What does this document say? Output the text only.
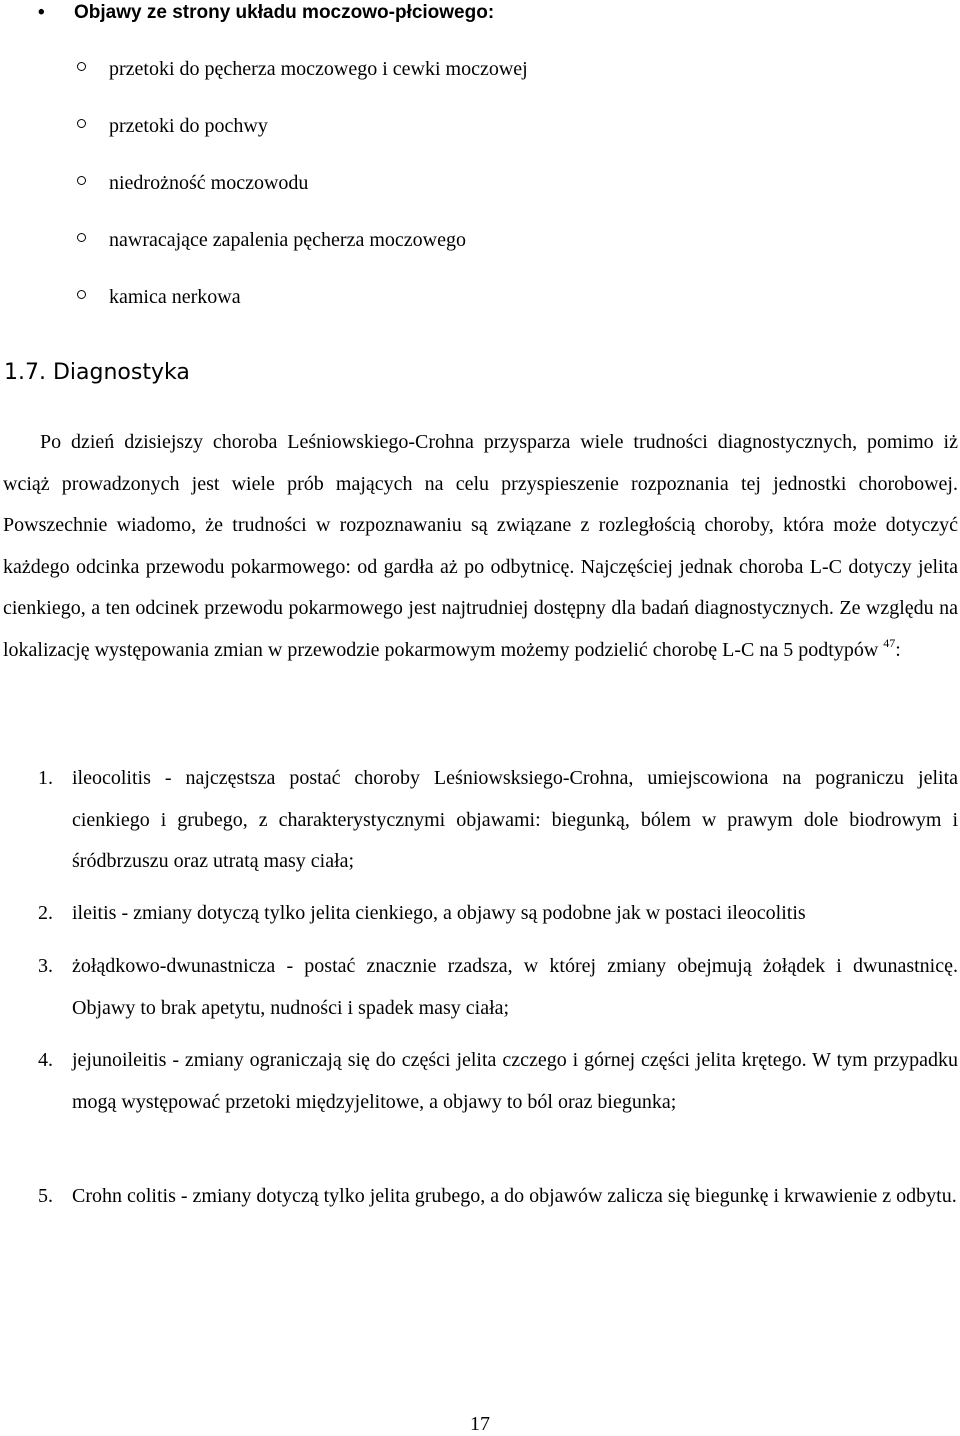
• Objawy ze strony układu moczowo-płciowego:
przetoki do pęcherza moczowego i cewki moczowej
przetoki do pochwy
niedrożność moczowodu
nawracające zapalenia pęcherza moczowego
kamica nerkowa
1.7. Diagnostyka

Po dzień dzisiejszy choroba Leśniowskiego-Crohna przysparza wiele trudności diagnostycznych, pomimo iż wciąż prowadzonych jest wiele prób mających na celu przyspieszenie rozpoznania tej jednostki chorobowej. Powszechnie wiadomo, że trudności w rozpoznawaniu są związane z rozległością choroby, która może dotyczyć każdego odcinka przewodu pokarmowego: od gardła aż po odbytnicę. Najczęściej jednak choroba L-C dotyczy jelita cienkiego, a ten odcinek przewodu pokarmowego jest najtrudniej dostępny dla badań diagnostycznych. Ze względu na lokalizację występowania zmian w przewodzie pokarmowym możemy podzielić chorobę L-C na 5 podtypów $^{47}$:

1. ileocolitis - najczęstsza postać choroby Leśniowsksiego-Crohna, umiejscowiona na pograniczu jelita cienkiego i grubego, z charakterystycznymi objawami: biegunką, bólem w prawym dole biodrowym i śródbrzuszu oraz utratą masy ciała;
2. ileitis - zmiany dotyczą tylko jelita cienkiego, a objawy są podobne jak w postaci ileocolitis
3. żołądkowo-dwunastnicza - postać znacznie rzadsza, w której zmiany obejmują żołądek i dwunastnicę. Objawy to brak apetytu, nudności i spadek masy ciała;
4. jejunoileitis - zmiany ograniczają się do części jelita czczego i górnej części jelita krętego. W tym przypadku mogą występować przetoki międzyjelitowe, a objawy to ból oraz biegunka;
5. Crohn colitis - zmiany dotyczą tylko jelita grubego, a do objawów zalicza się biegunkę i krwawienie z odbytu.
17
